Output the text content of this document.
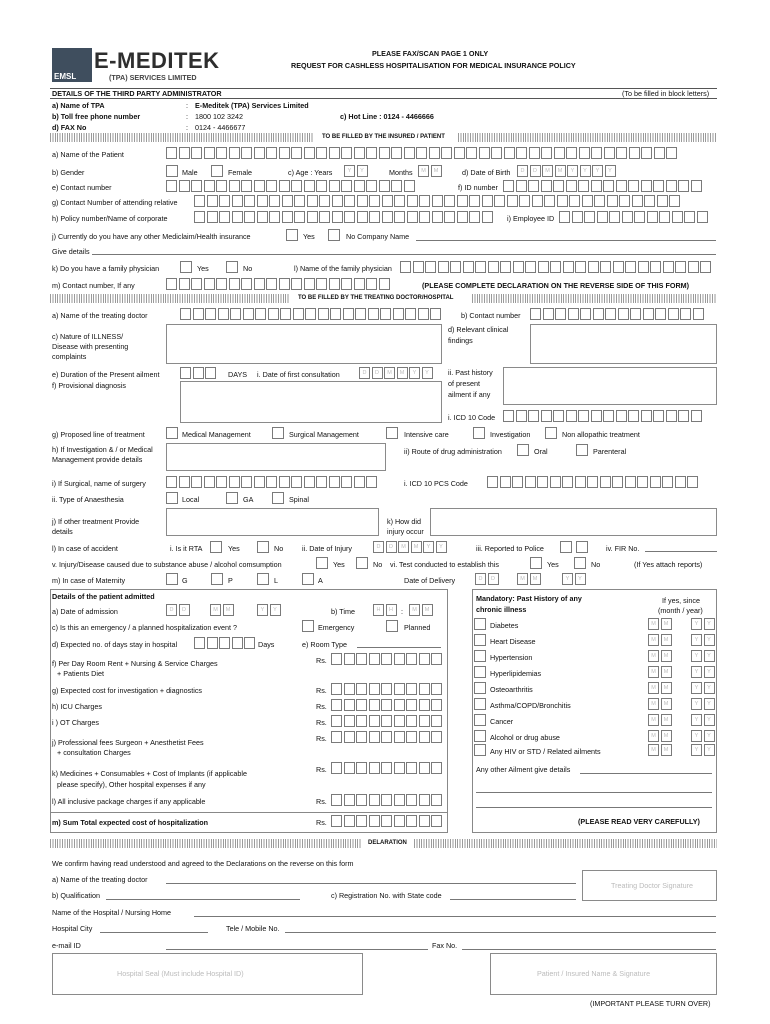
EMSL
E-MEDITEK
(TPA) SERVICES LIMITED
PLEASE FAX/SCAN PAGE 1 ONLY
REQUEST FOR CASHLESS HOSPITALISATION FOR MEDICAL INSURANCE POLICY
DETAILS OF THE THIRD PARTY ADMINISTRATOR	(To be filled in block letters)
a) Name of TPA	: E-Meditek (TPA) Services Limited
b) Toll free phone number	: 1800 102 3242	c) Hot Line : 0124 - 4466666
d) FAX No	: 0124 - 4466677
TO BE FILLED BY THE INSURED / PATIENT
a) Name of the Patient
b) Gender	Male	Female	c) Age : Years	Y	Y	Months	M	M	d) Date of Birth	D	D	M	M	Y	Y	Y	Y
e) Contact number	f) ID number
g) Contact Number of attending relative
h) Policy number/Name of corporate	i) Employee ID
j) Currently do you have any other Mediclaim/Health insurance	Yes	No Company Name
Give details
k) Do you have a family physician	Yes	No	l) Name of the family physician
m) Contact number, If any	(PLEASE COMPLETE DECLARATION ON THE REVERSE SIDE OF THIS FORM)
TO BE FILLED BY THE TREATING DOCTOR/HOSPITAL
a) Name of the treating doctor	b) Contact number
c) Nature of ILLNESS/
Disease with presenting
complaints
d) Relevant clinical
findings
e) Duration of the Present ailment	DAYS i. Date of first consultation	D	D	M	M	Y	Y	ii. Past history
of present
ailment if any
f) Provisional diagnosis
i. ICD 10 Code
g) Proposed line of treatment	Medical Management	Surgical Management	Intensive care	Investigation	Non allopathic treatment
h) If Investigation & / or Medical
Management provide details
ii) Route of drug administration	Oral	Parenteral
i) If Surgical, name of surgery	i. ICD 10 PCS Code
ii. Type of Anaesthesia	Local	GA	Spinal
j) If other treatment Provide
details
k) How did
injury occur
l) In case of accident	i. Is it RTA	Yes	No	ii. Date of Injury	D	D	M	M	Y	Y	iii. Reported to Police	iv. FIR No.
v. Injury/Disease caused due to substance abuse / alcohol comsumption	Yes	No vi. Test conducted to establish this	Yes	No	(If Yes attach reports)
m) In case of Maternity	G	P	L	A	Date of Delivery	D	D	M	M	Y	Y
Details of the patient admitted
a) Date of admission	D	D	M	M	Y	Y	b) Time	H	H	:	M	M
c) Is this an emergency / a planned hospitalization event ?	Emergency	Planned
d) Expected no. of days stay in hospital	Days	e) Room Type
f) Per Day Room Rent + Nursing & Service Charges
+ Patients Diet
Rs.
g) Expected cost for investigation + diagnostics	Rs.
h) ICU Charges	Rs.
i ) OT Charges	Rs.
j) Professional fees Surgeon + Anesthetist Fees
+ consultation Charges
Rs.
k) Medicines + Consumables + Cost of Implants (if applicable
please specify), Other hospital expenses if any
Rs.
l) All inclusive package charges if any applicable	Rs.
m) Sum Total expected cost of hospitalization	Rs.
Mandatory: Past History of any
chronic illness
If yes, since
(month / year)
Diabetes	M	M	Y	Y
Heart Disease	M	M	Y	Y
Hypertension	M	M	Y	Y
Hyperlipidemias	M	M	Y	Y
Osteoarthritis	M	M	Y	Y
Asthma/COPD/Bronchitis	M	M	Y	Y
Cancer	M	M	Y	Y
Alcohol or drug abuse	M	M	Y	Y
Any HIV or STD / Related ailments	M	M	Y	Y
Any other Ailment give details
(PLEASE READ VERY CAREFULLY)
DELARATION
We confirm having read understood and agreed to the Declarations on the reverse on this form
a) Name of the treating doctor
Treating Doctor Signature
b) Qualification	c) Registration No. with State code
Name of the Hospital / Nursing Home
Hospital City	Tele / Mobile No.
e-mail ID	Fax No.
Hospital Seal (Must include Hospital ID)	Patient / Insured Name & Signature
(IMPORTANT PLEASE TURN OVER)
